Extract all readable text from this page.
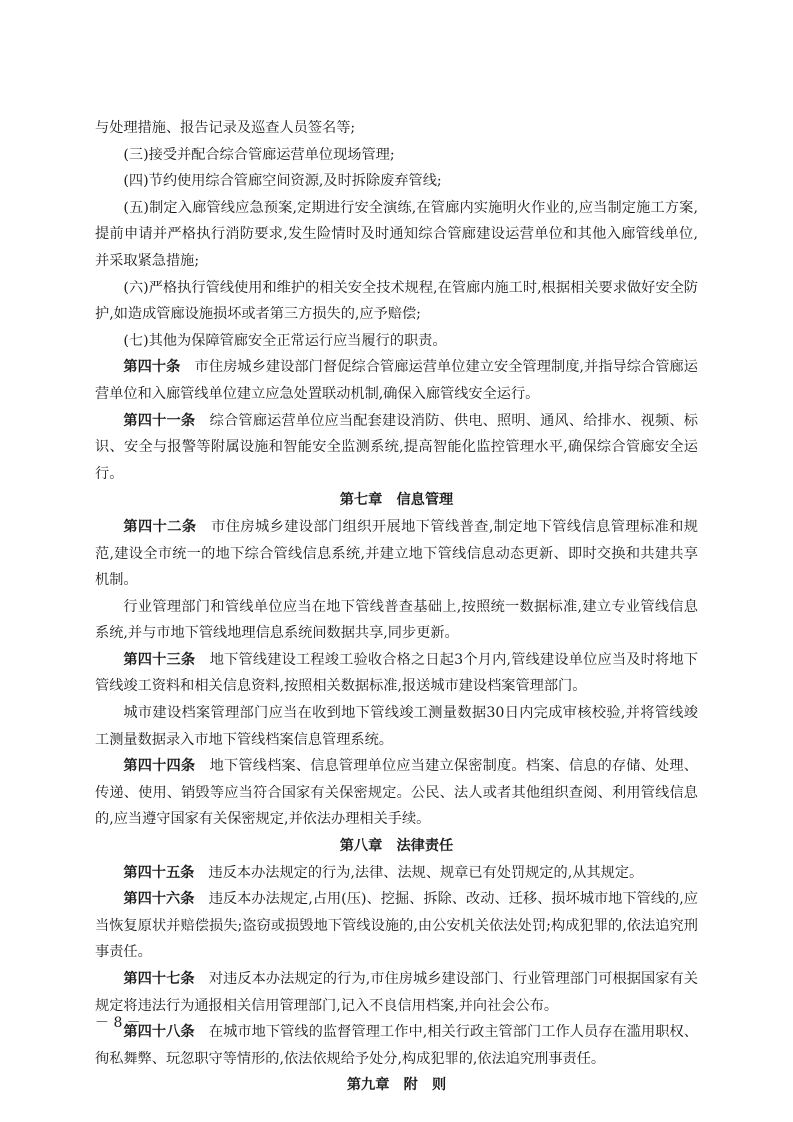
与处理措施、报告记录及巡查人员签名等;

(三)接受并配合综合管廊运营单位现场管理;

(四)节约使用综合管廊空间资源,及时拆除废弃管线;

(五)制定入廊管线应急预案,定期进行安全演练,在管廊内实施明火作业的,应当制定施工方案,提前申请并严格执行消防要求,发生险情时及时通知综合管廊建设运营单位和其他入廊管线单位,并采取紧急措施;

(六)严格执行管线使用和维护的相关安全技术规程,在管廊内施工时,根据相关要求做好安全防护,如造成管廊设施损坏或者第三方损失的,应予赔偿;

(七)其他为保障管廊安全正常运行应当履行的职责。

第四十条　 市住房城乡建设部门督促综合管廊运营单位建立安全管理制度,并指导综合管廊运营单位和入廊管线单位建立应急处置联动机制,确保入廊管线安全运行。

第四十一条　 综合管廊运营单位应当配套建设消防、供电、照明、通风、给排水、视频、标识、安全与报警等附属设施和智能安全监测系统,提高智能化监控管理水平,确保综合管廊安全运行。

第七章　信息管理

第四十二条　 市住房城乡建设部门组织开展地下管线普查,制定地下管线信息管理标准和规范,建设全市统一的地下综合管线信息系统,并建立地下管线信息动态更新、即时交换和共建共享机制。

行业管理部门和管线单位应当在地下管线普查基础上,按照统一数据标准,建立专业管线信息系统,并与市地下管线地理信息系统间数据共享,同步更新。

第四十三条　 地下管线建设工程竣工验收合格之日起3个月内,管线建设单位应当及时将地下管线竣工资料和相关信息资料,按照相关数据标准,报送城市建设档案管理部门。

城市建设档案管理部门应当在收到地下管线竣工测量数据30日内完成审核校验,并将管线竣工测量数据录入市地下管线档案信息管理系统。

第四十四条　 地下管线档案、信息管理单位应当建立保密制度。档案、信息的存储、处理、传递、使用、销毁等应当符合国家有关保密规定。公民、法人或者其他组织查阅、利用管线信息的,应当遵守国家有关保密规定,并依法办理相关手续。

第八章　法律责任

第四十五条　 违反本办法规定的行为,法律、法规、规章已有处罚规定的,从其规定。

第四十六条　 违反本办法规定,占用(压)、挖掘、拆除、改动、迁移、损坏城市地下管线的,应当恢复原状并赔偿损失;盗窃或损毁地下管线设施的,由公安机关依法处罚;构成犯罪的,依法追究刑事责任。

第四十七条　 对违反本办法规定的行为,市住房城乡建设部门、行业管理部门可根据国家有关规定将违法行为通报相关信用管理部门,记入不良信用档案,并向社会公布。

第四十八条　 在城市地下管线的监督管理工作中,相关行政主管部门工作人员存在滥用职权、徇私舞弊、玩忽职守等情形的,依法依规给予处分,构成犯罪的,依法追究刑事责任。

第九章　附　则

－ 8 －
